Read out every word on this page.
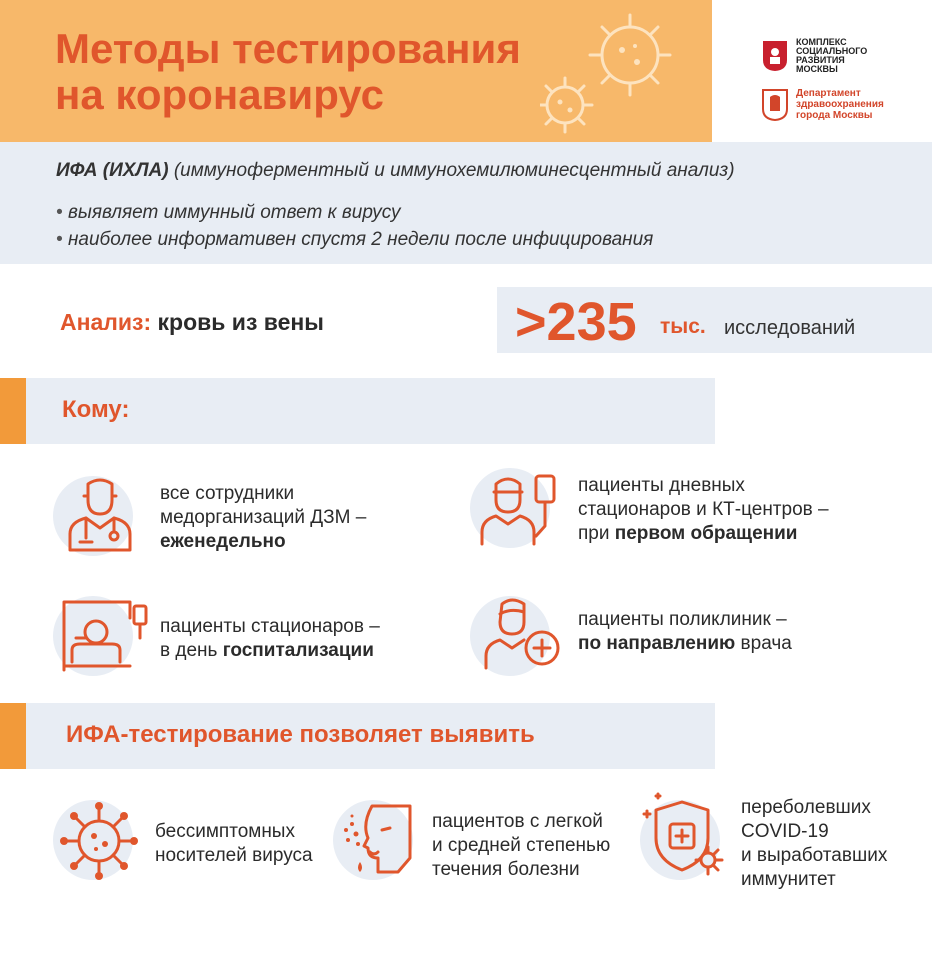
Методы тестирования
на коронавирус
КОМПЛЕКС
СОЦИАЛЬНОГО
РАЗВИТИЯ
МОСКВЫ
Департамент
здравоохранения
города Москвы
ИФА (ИХЛА) (иммуноферментный и иммунохемилюминесцентный анализ)
• выявляет иммунный ответ к вирусу
• наиболее информативен спустя 2 недели после инфицирования
Анализ: кровь из вены	>235 тыс. исследований
Кому:
все сотрудники
медорганизаций ДЗМ –
еженедельно
пациенты дневных
стационаров и КТ-центров –
при первом обращении
пациенты стационаров –
в день госпитализации
пациенты поликлиник –
по направлению врача
ИФА-тестирование позволяет выявить
бессимптомных
носителей вируса
пациентов с легкой
и средней степенью
течения болезни
переболевших
COVID-19
и выработавших
иммунитет
